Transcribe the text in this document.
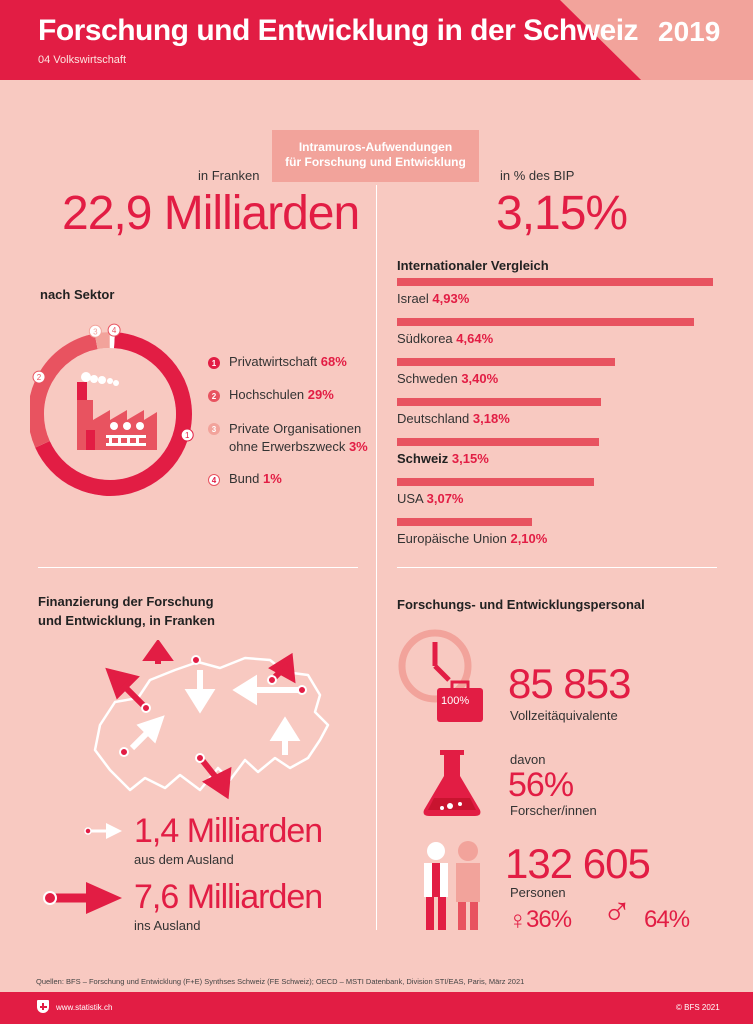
Forschung und Entwicklung in der Schweiz
04 Volkswirtschaft
2019
Intramuros-Aufwendungen
für Forschung und Entwicklung
in Franken
22,9 Milliarden
in % des BIP
3,15%
nach Sektor
1
2
3 4
1 Privatwirtschaft
68%
2 Hochschulen
29%
3 Private Organisationen
ohne Erwerbszweck 3%
4 Bund
1%
Internationaler Vergleich
Israel 4,93%
Südkorea 4,64%
Schweden 3,40%
Deutschland 3,18%
Schweiz 3,15%
USA 3,07%
Europäische Union 2,10%
Finanzierung der Forschung
und Entwicklung, in Franken
1,4 Milliarden
aus dem Ausland
7,6 Milliarden
ins Ausland
Forschungs- und Entwicklungspersonal
100% 85 853
Vollzeitäquivalente
davon
56%
Forscher/innen
132 605
Personen
♀
36% ♂ 64%
Quellen: BFS – Forschung und Entwicklung (F+E) Synthses Schweiz (FE Schweiz); OECD – MSTI Datenbank, Division STI/EAS, Paris, März 2021
www.statistik.ch	© BFS 2021
